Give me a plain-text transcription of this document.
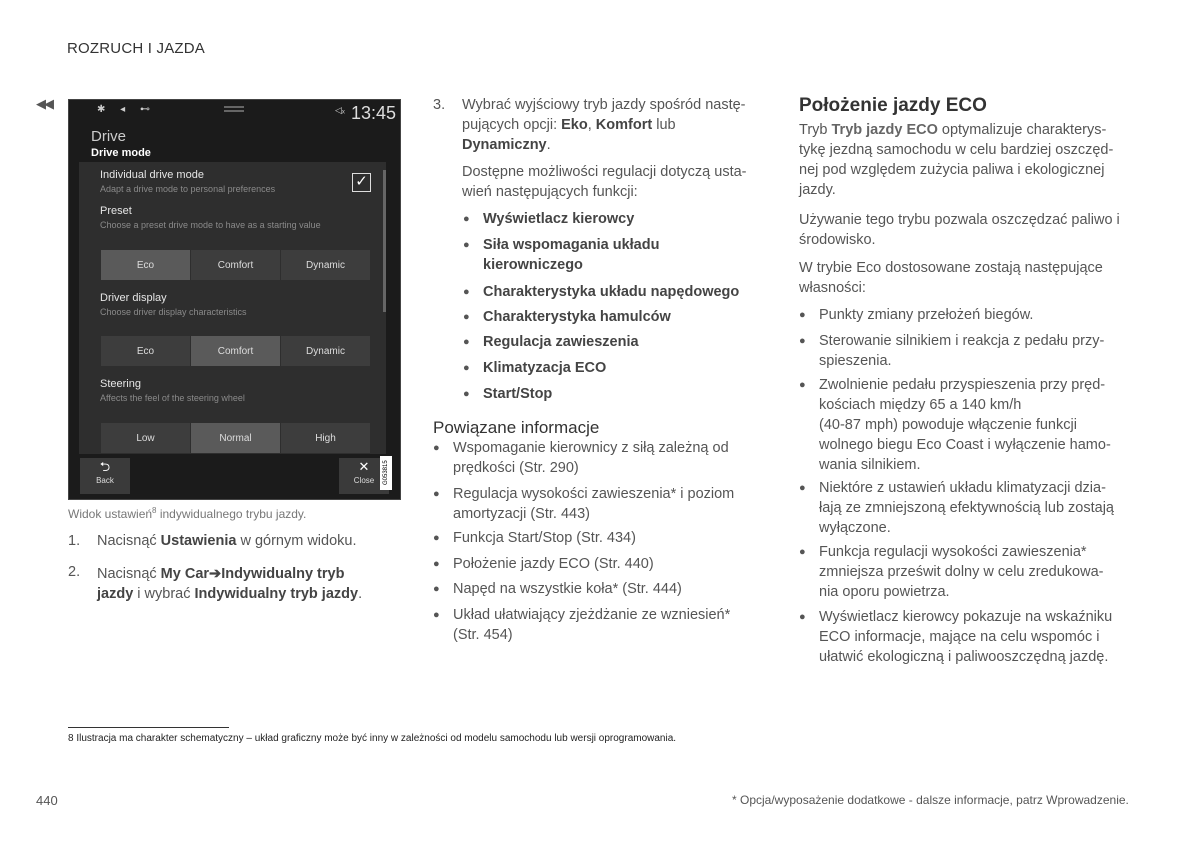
ROZRUCH I JAZDA
◀◀	✱ ◂ ⊷	◁ₓ 13:45
Drive
Drive mode
Individual drive mode
Adapt a drive mode to personal preferences	✓
Preset
Choose a preset drive mode to have as a starting value
Eco	Comfort	Dynamic
Driver display
Choose driver display characteristics
Eco	Comfort	Dynamic
Steering
Affects the feel of the steering wheel
Low	Normal	High
⮌
Back
✕
Close	G053815
Widok ustawień$^8$ indywidualnego trybu jazdy.
1. Nacisnąć Ustawienia w górnym widoku.
2. Nacisnąć My Car➔Indywidualny tryb
jazdy i wybrać Indywidualny tryb jazdy.
3. Wybrać wyjściowy tryb jazdy spośród nastę-
pujących opcji: Eko, Komfort lub
Dynamiczny.
Dostępne możliwości regulacji dotyczą usta-
wień następujących funkcji:

● Wyświetlacz kierowcy
● Siła wspomagania układu
kierowniczego
● Charakterystyka układu napędowego
● Charakterystyka hamulców
● Regulacja zawieszenia
● Klimatyzacja ECO
● Start/Stop
Powiązane informacje
● Wspomaganie kierownicy z siłą zależną od
prędkości (Str. 290)
● Regulacja wysokości zawieszenia* i poziom
amortyzacji (Str. 443)
● Funkcja Start/Stop (Str. 434)
● Położenie jazdy ECO (Str. 440)
● Napęd na wszystkie koła* (Str. 444)
● Układ ułatwiający zjeżdżanie ze wzniesień*
(Str. 454)
Położenie jazdy ECO
Tryb Tryb jazdy ECO optymalizuje charakterys-
tykę jezdną samochodu w celu bardziej oszczęd-
nej pod względem zużycia paliwa i ekologicznej
jazdy.
Używanie tego trybu pozwala oszczędzać paliwo i
środowisko.

W trybie Eco dostosowane zostają następujące
własności:

● Punkty zmiany przełożeń biegów.
● Sterowanie silnikiem i reakcja z pedału przy-
spieszenia.
● Zwolnienie pedału przyspieszenia przy pręd-
kościach między 65 a 140 km/h
(40-87 mph) powoduje włączenie funkcji
wolnego biegu Eco Coast i wyłączenie hamo-
wania silnikiem.
● Niektóre z ustawień układu klimatyzacji dzia-
łają ze zmniejszoną efektywnością lub zostają
wyłączone.
● Funkcja regulacji wysokości zawieszenia*
zmniejsza prześwit dolny w celu zredukowa-
nia oporu powietrza.
● Wyświetlacz kierowcy pokazuje na wskaźniku
ECO informacje, mające na celu wspomóc i
ułatwić ekologiczną i paliwooszczędną jazdę.
8 Ilustracja ma charakter schematyczny – układ graficzny może być inny w zależności od modelu samochodu lub wersji oprogramowania.
440	* Opcja/wyposażenie dodatkowe - dalsze informacje, patrz Wprowadzenie.
